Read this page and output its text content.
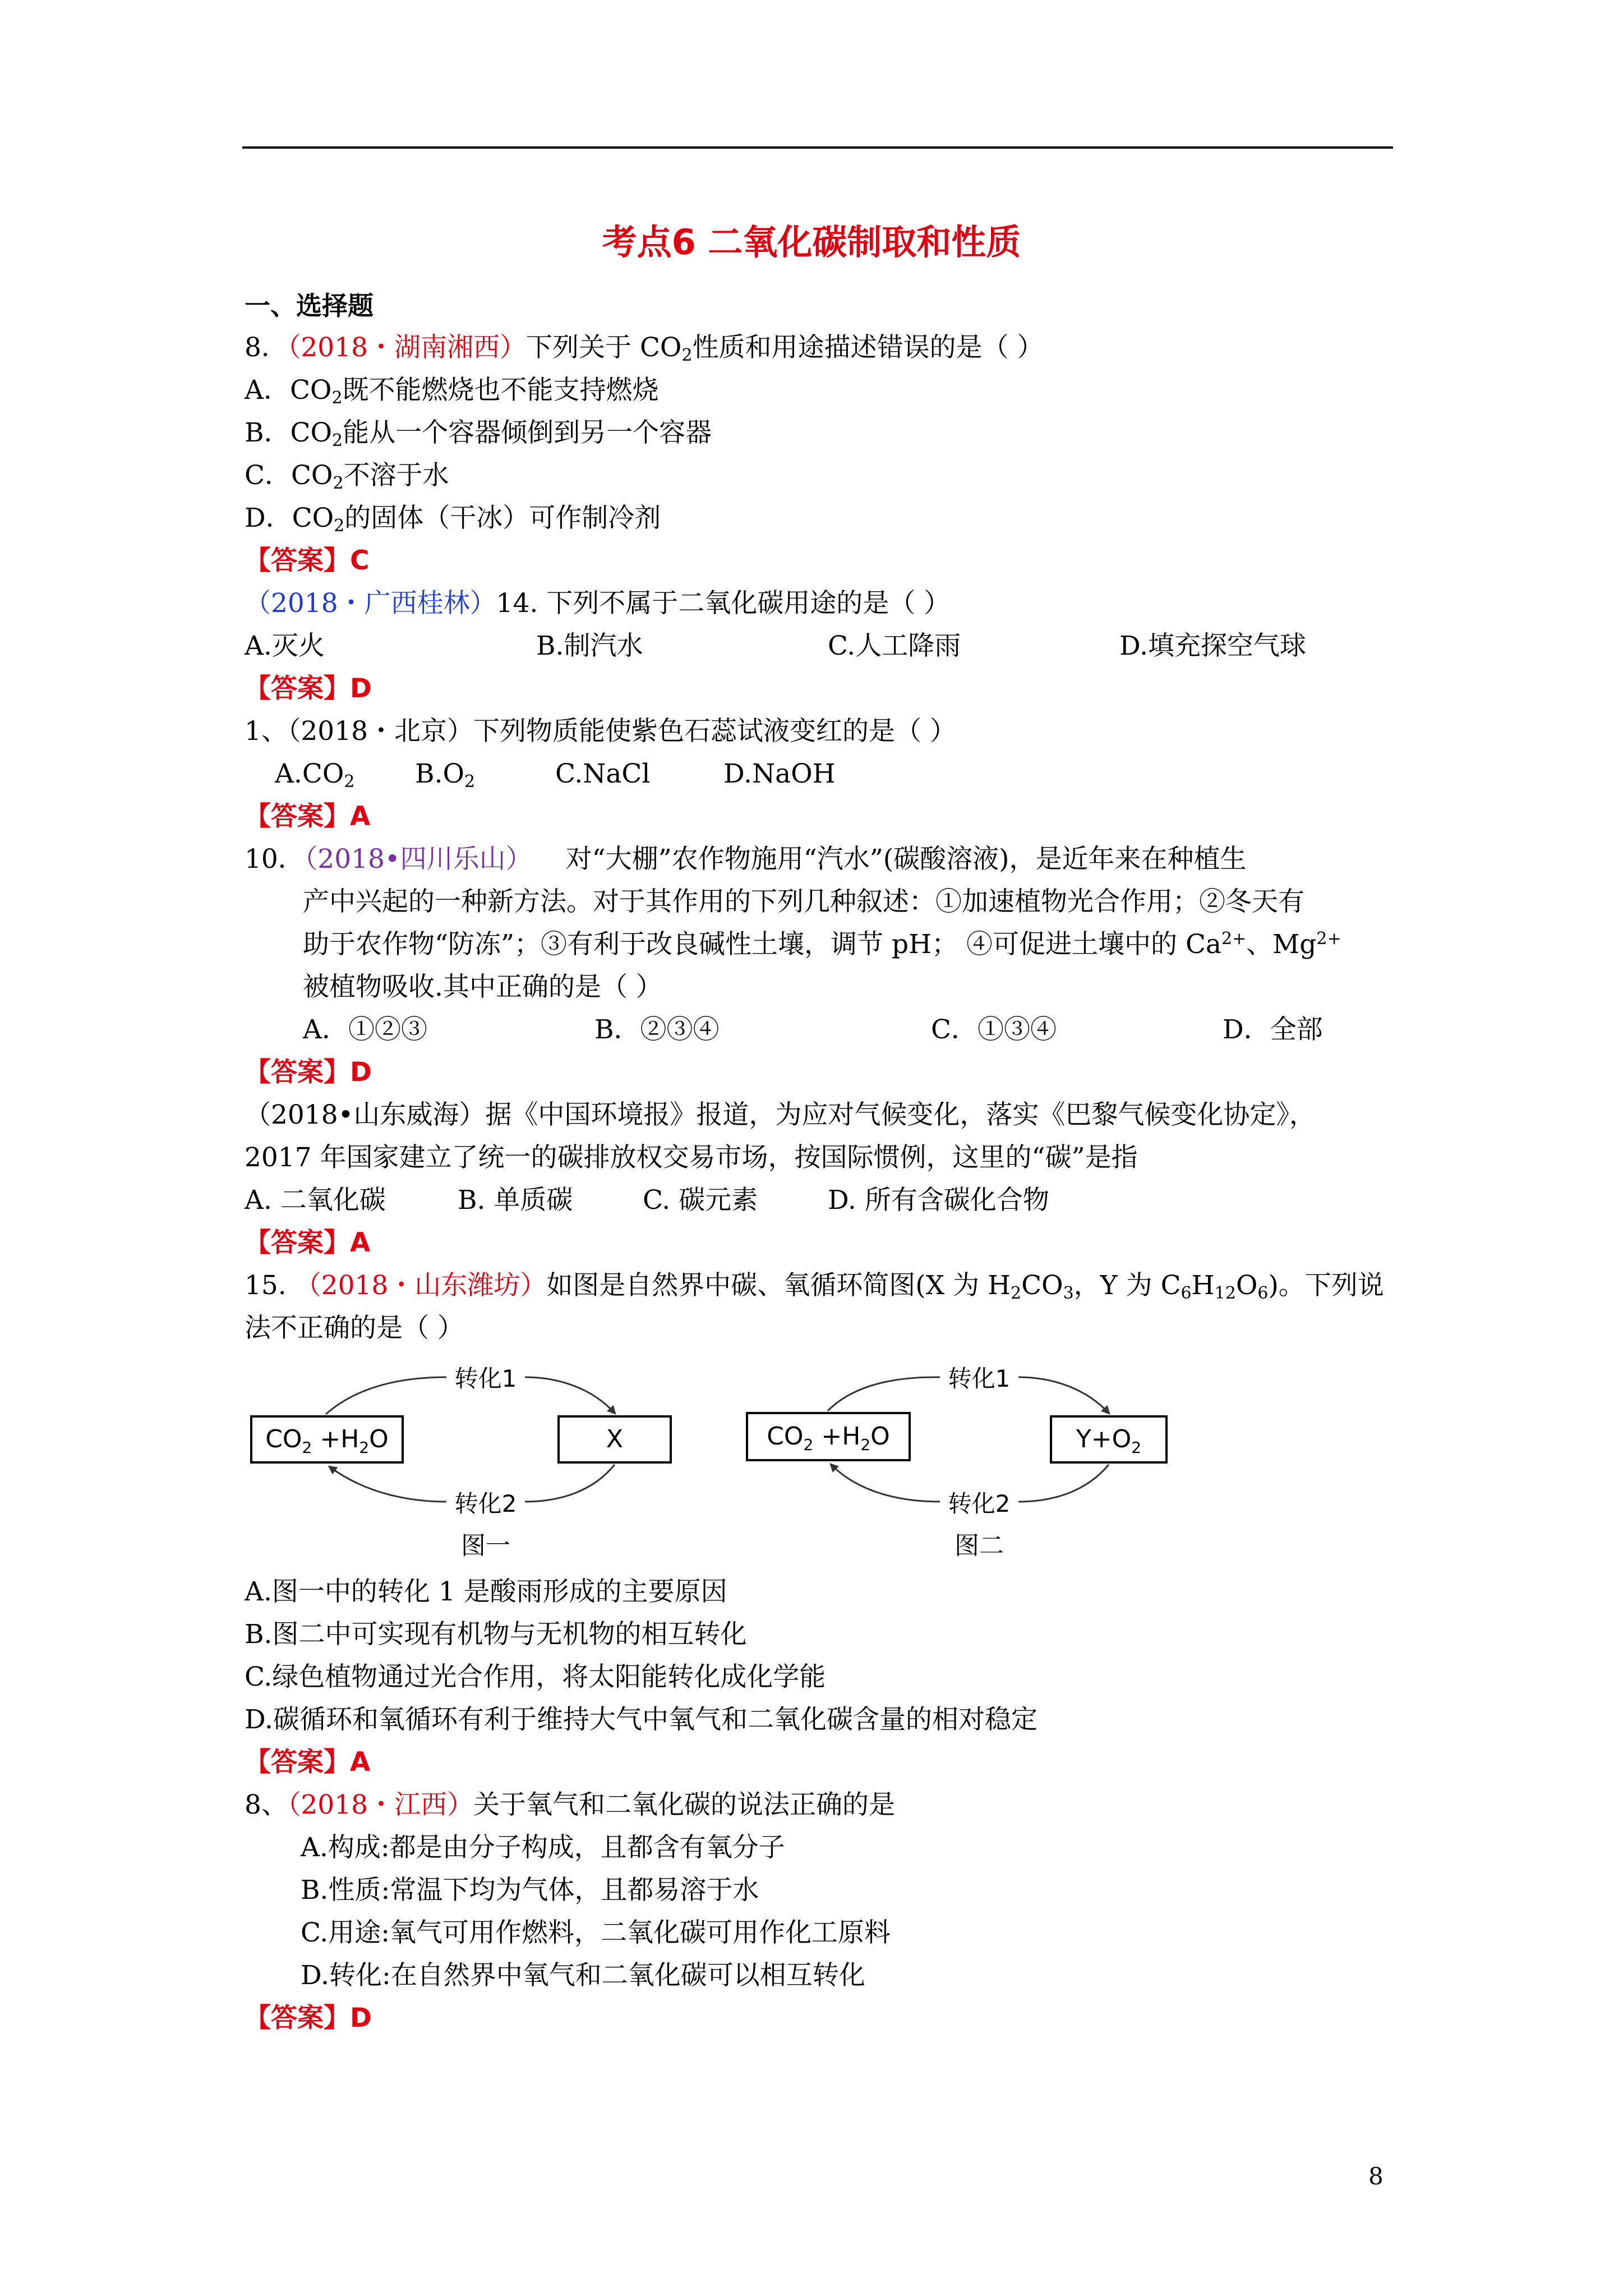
考点6 二氧化碳制取和性质
一、选择题
8．（2018・湖南湘西）下列关于 $CO_2$性质和用途描述错误的是（ ）
A．$CO_2$既不能燃烧也不能支持燃烧
B．$CO_2$能从一个容器倾倒到另一个容器
C．$CO_2$不溶于水
D．$CO_2$的固体（干冰）可作制冷剂
【答案】C
（2018・广西桂林）14. 下列不属于二氧化碳用途的是（ ）
A.灭火	B.制汽水	C.人工降雨	D.填充探空气球
【答案】D
1、（2018・北京）下列物质能使紫色石蕊试液变红的是（ ）
$A.CO_2$ $B.O_2$	C.NaCl	D.NaOH
【答案】A
10．（2018•四川乐山） 对“大棚”农作物施用“汽水”(碳酸溶液)，是近年来在种植生
产中兴起的一种新方法。对于其作用的下列几种叙述：①加速植物光合作用；②冬天有
助于农作物“防冻”；③有利于改良碱性土壤，调节 pH； ④可促进土壤中的 $Ca^{2+}$、$Mg^{2+}$
被植物吸收.其中正确的是（ ）
A．①②③	B．②③④	C．①③④	D．全部
【答案】D
（2018•山东威海）据《中国环境报》报道，为应对气候变化，落实《巴黎气候变化协定》，
2017 年国家建立了统一的碳排放权交易市场，按国际惯例，这里的“碳”是指
A. 二氧化碳	B. 单质碳	C. 碳元素	D. 所有含碳化合物
【答案】A
15. （2018・山东潍坊）如图是自然界中碳、氧循环简图(X 为 $H_2CO_3$，Y 为 $C_6H_{12}O_6$)。下列说
法不正确的是（ ）
$CO_2 +H_2O$	X
转化1
转化2
图一
$CO_2 +H_2O$	$Y+O_2$
转化1
转化2
图二
A.图一中的转化 1 是酸雨形成的主要原因
B.图二中可实现有机物与无机物的相互转化
C.绿色植物通过光合作用，将太阳能转化成化学能
D.碳循环和氧循环有利于维持大气中氧气和二氧化碳含量的相对稳定
【答案】A
8、（2018・江西）关于氧气和二氧化碳的说法正确的是
A.构成:都是由分子构成，且都含有氧分子
B.性质:常温下均为气体，且都易溶于水
C.用途:氧气可用作燃料，二氧化碳可用作化工原料
D.转化:在自然界中氧气和二氧化碳可以相互转化
【答案】D
8
